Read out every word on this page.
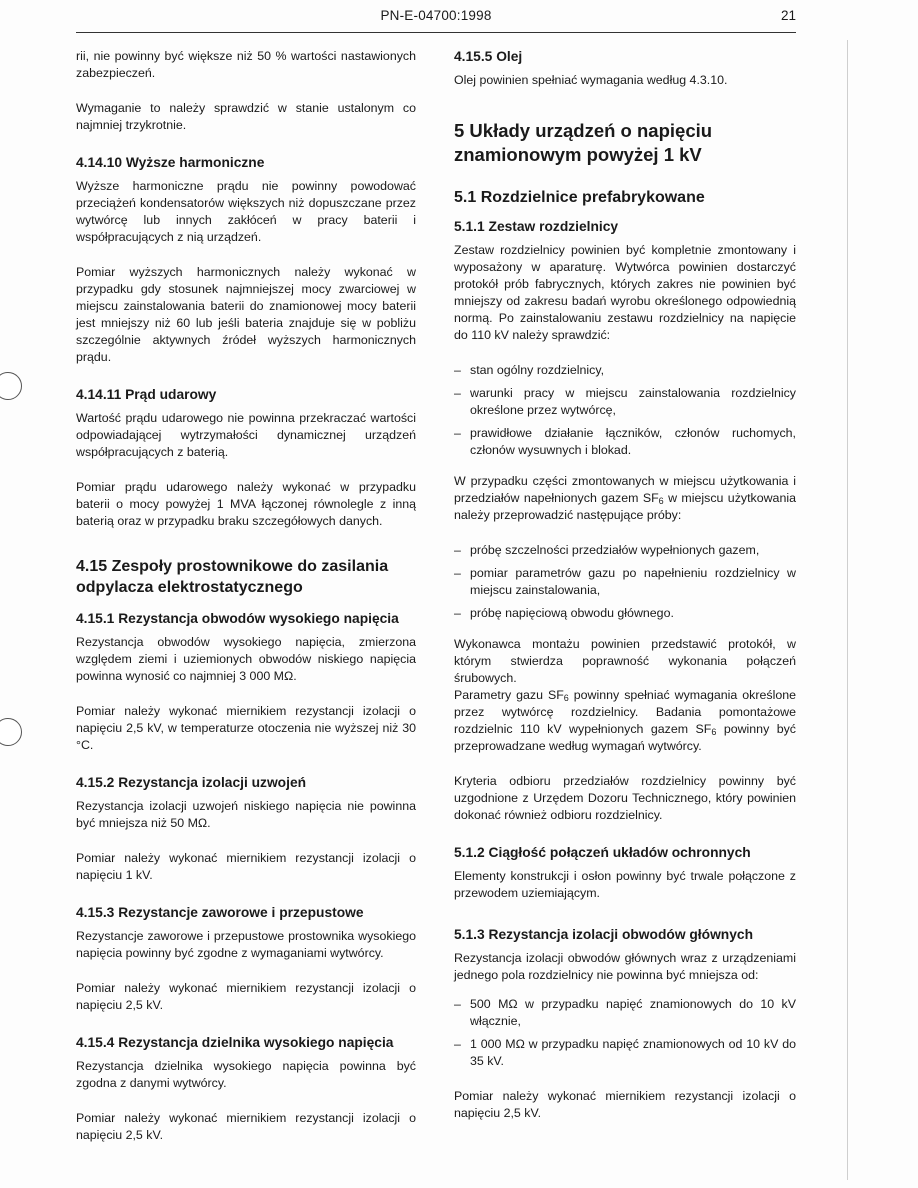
PN-E-04700:1998	21

rii, nie powinny być większe niż 50 % wartości nastawionych zabezpieczeń.

Wymaganie to należy sprawdzić w stanie ustalonym co najmniej trzykrotnie.

4.14.10 Wyższe harmoniczne

Wyższe harmoniczne prądu nie powinny powodować przeciążeń kondensatorów większych niż dopuszczane przez wytwórcę lub innych zakłóceń w pracy baterii i współpracujących z nią urządzeń.

Pomiar wyższych harmonicznych należy wykonać w przypadku gdy stosunek najmniejszej mocy zwarciowej w miejscu zainstalowania baterii do znamionowej mocy baterii jest mniejszy niż 60 lub jeśli bateria znajduje się w pobliżu szczególnie aktywnych źródeł wyższych harmonicznych prądu.

4.14.11 Prąd udarowy

Wartość prądu udarowego nie powinna przekraczać wartości odpowiadającej wytrzymałości dynamicznej urządzeń współpracujących z baterią.

Pomiar prądu udarowego należy wykonać w przypadku baterii o mocy powyżej 1 MVA łączonej równolegle z inną baterią oraz w przypadku braku szczegółowych danych.

4.15 Zespoły prostownikowe do zasilania odpylacza elektrostatycznego
4.15.1 Rezystancja obwodów wysokiego napięcia

Rezystancja obwodów wysokiego napięcia, zmierzona względem ziemi i uziemionych obwodów niskiego napięcia powinna wynosić co najmniej 3 000 MΩ.

Pomiar należy wykonać miernikiem rezystancji izolacji o napięciu 2,5 kV, w temperaturze otoczenia nie wyższej niż 30 °C.

4.15.2 Rezystancja izolacji uzwojeń

Rezystancja izolacji uzwojeń niskiego napięcia nie powinna być mniejsza niż 50 MΩ.

Pomiar należy wykonać miernikiem rezystancji izolacji o napięciu 1 kV.

4.15.3 Rezystancje zaworowe i przepustowe

Rezystancje zaworowe i przepustowe prostownika wysokiego napięcia powinny być zgodne z wymaganiami wytwórcy.

Pomiar należy wykonać miernikiem rezystancji izolacji o napięciu 2,5 kV.

4.15.4 Rezystancja dzielnika wysokiego napięcia

Rezystancja dzielnika wysokiego napięcia powinna być zgodna z danymi wytwórcy.

Pomiar należy wykonać miernikiem rezystancji izolacji o napięciu 2,5 kV.

4.15.5 Olej

Olej powinien spełniać wymagania według 4.3.10.

5 Układy urządzeń o napięciu znamionowym powyżej 1 kV
5.1 Rozdzielnice prefabrykowane
5.1.1 Zestaw rozdzielnicy

Zestaw rozdzielnicy powinien być kompletnie zmontowany i wyposażony w aparaturę. Wytwórca powinien dostarczyć protokół prób fabrycznych, których zakres nie powinien być mniejszy od zakresu badań wyrobu określonego odpowiednią normą. Po zainstalowaniu zestawu rozdzielnicy na napięcie do 110 kV należy sprawdzić:

– stan ogólny rozdzielnicy,
– warunki pracy w miejscu zainstalowania rozdzielnicy określone przez wytwórcę,
– prawidłowe działanie łączników, członów ruchomych, członów wysuwnych i blokad.

W przypadku części zmontowanych w miejscu użytkowania i przedziałów napełnionych gazem $SF_6$ w miejscu użytkowania należy przeprowadzić następujące próby:

– próbę szczelności przedziałów wypełnionych gazem,
– pomiar parametrów gazu po napełnieniu rozdzielnicy w miejscu zainstalowania,
– próbę napięciową obwodu głównego.

Wykonawca montażu powinien przedstawić protokół, w którym stwierdza poprawność wykonania połączeń śrubowych.

Parametry gazu $SF_6$ powinny spełniać wymagania określone przez wytwórcę rozdzielnicy. Badania pomontażowe rozdzielnic 110 kV wypełnionych gazem $SF_6$ powinny być przeprowadzane według wymagań wytwórcy.

Kryteria odbioru przedziałów rozdzielnicy powinny być uzgodnione z Urzędem Dozoru Technicznego, który powinien dokonać również odbioru rozdzielnicy.

5.1.2 Ciągłość połączeń układów ochronnych

Elementy konstrukcji i osłon powinny być trwale połączone z przewodem uziemiającym.

5.1.3 Rezystancja izolacji obwodów głównych

Rezystancja izolacji obwodów głównych wraz z urządzeniami jednego pola rozdzielnicy nie powinna być mniejsza od:

– 500 MΩ w przypadku napięć znamionowych do 10 kV włącznie,
– 1 000 MΩ w przypadku napięć znamionowych od 10 kV do 35 kV.

Pomiar należy wykonać miernikiem rezystancji izolacji o napięciu 2,5 kV.
